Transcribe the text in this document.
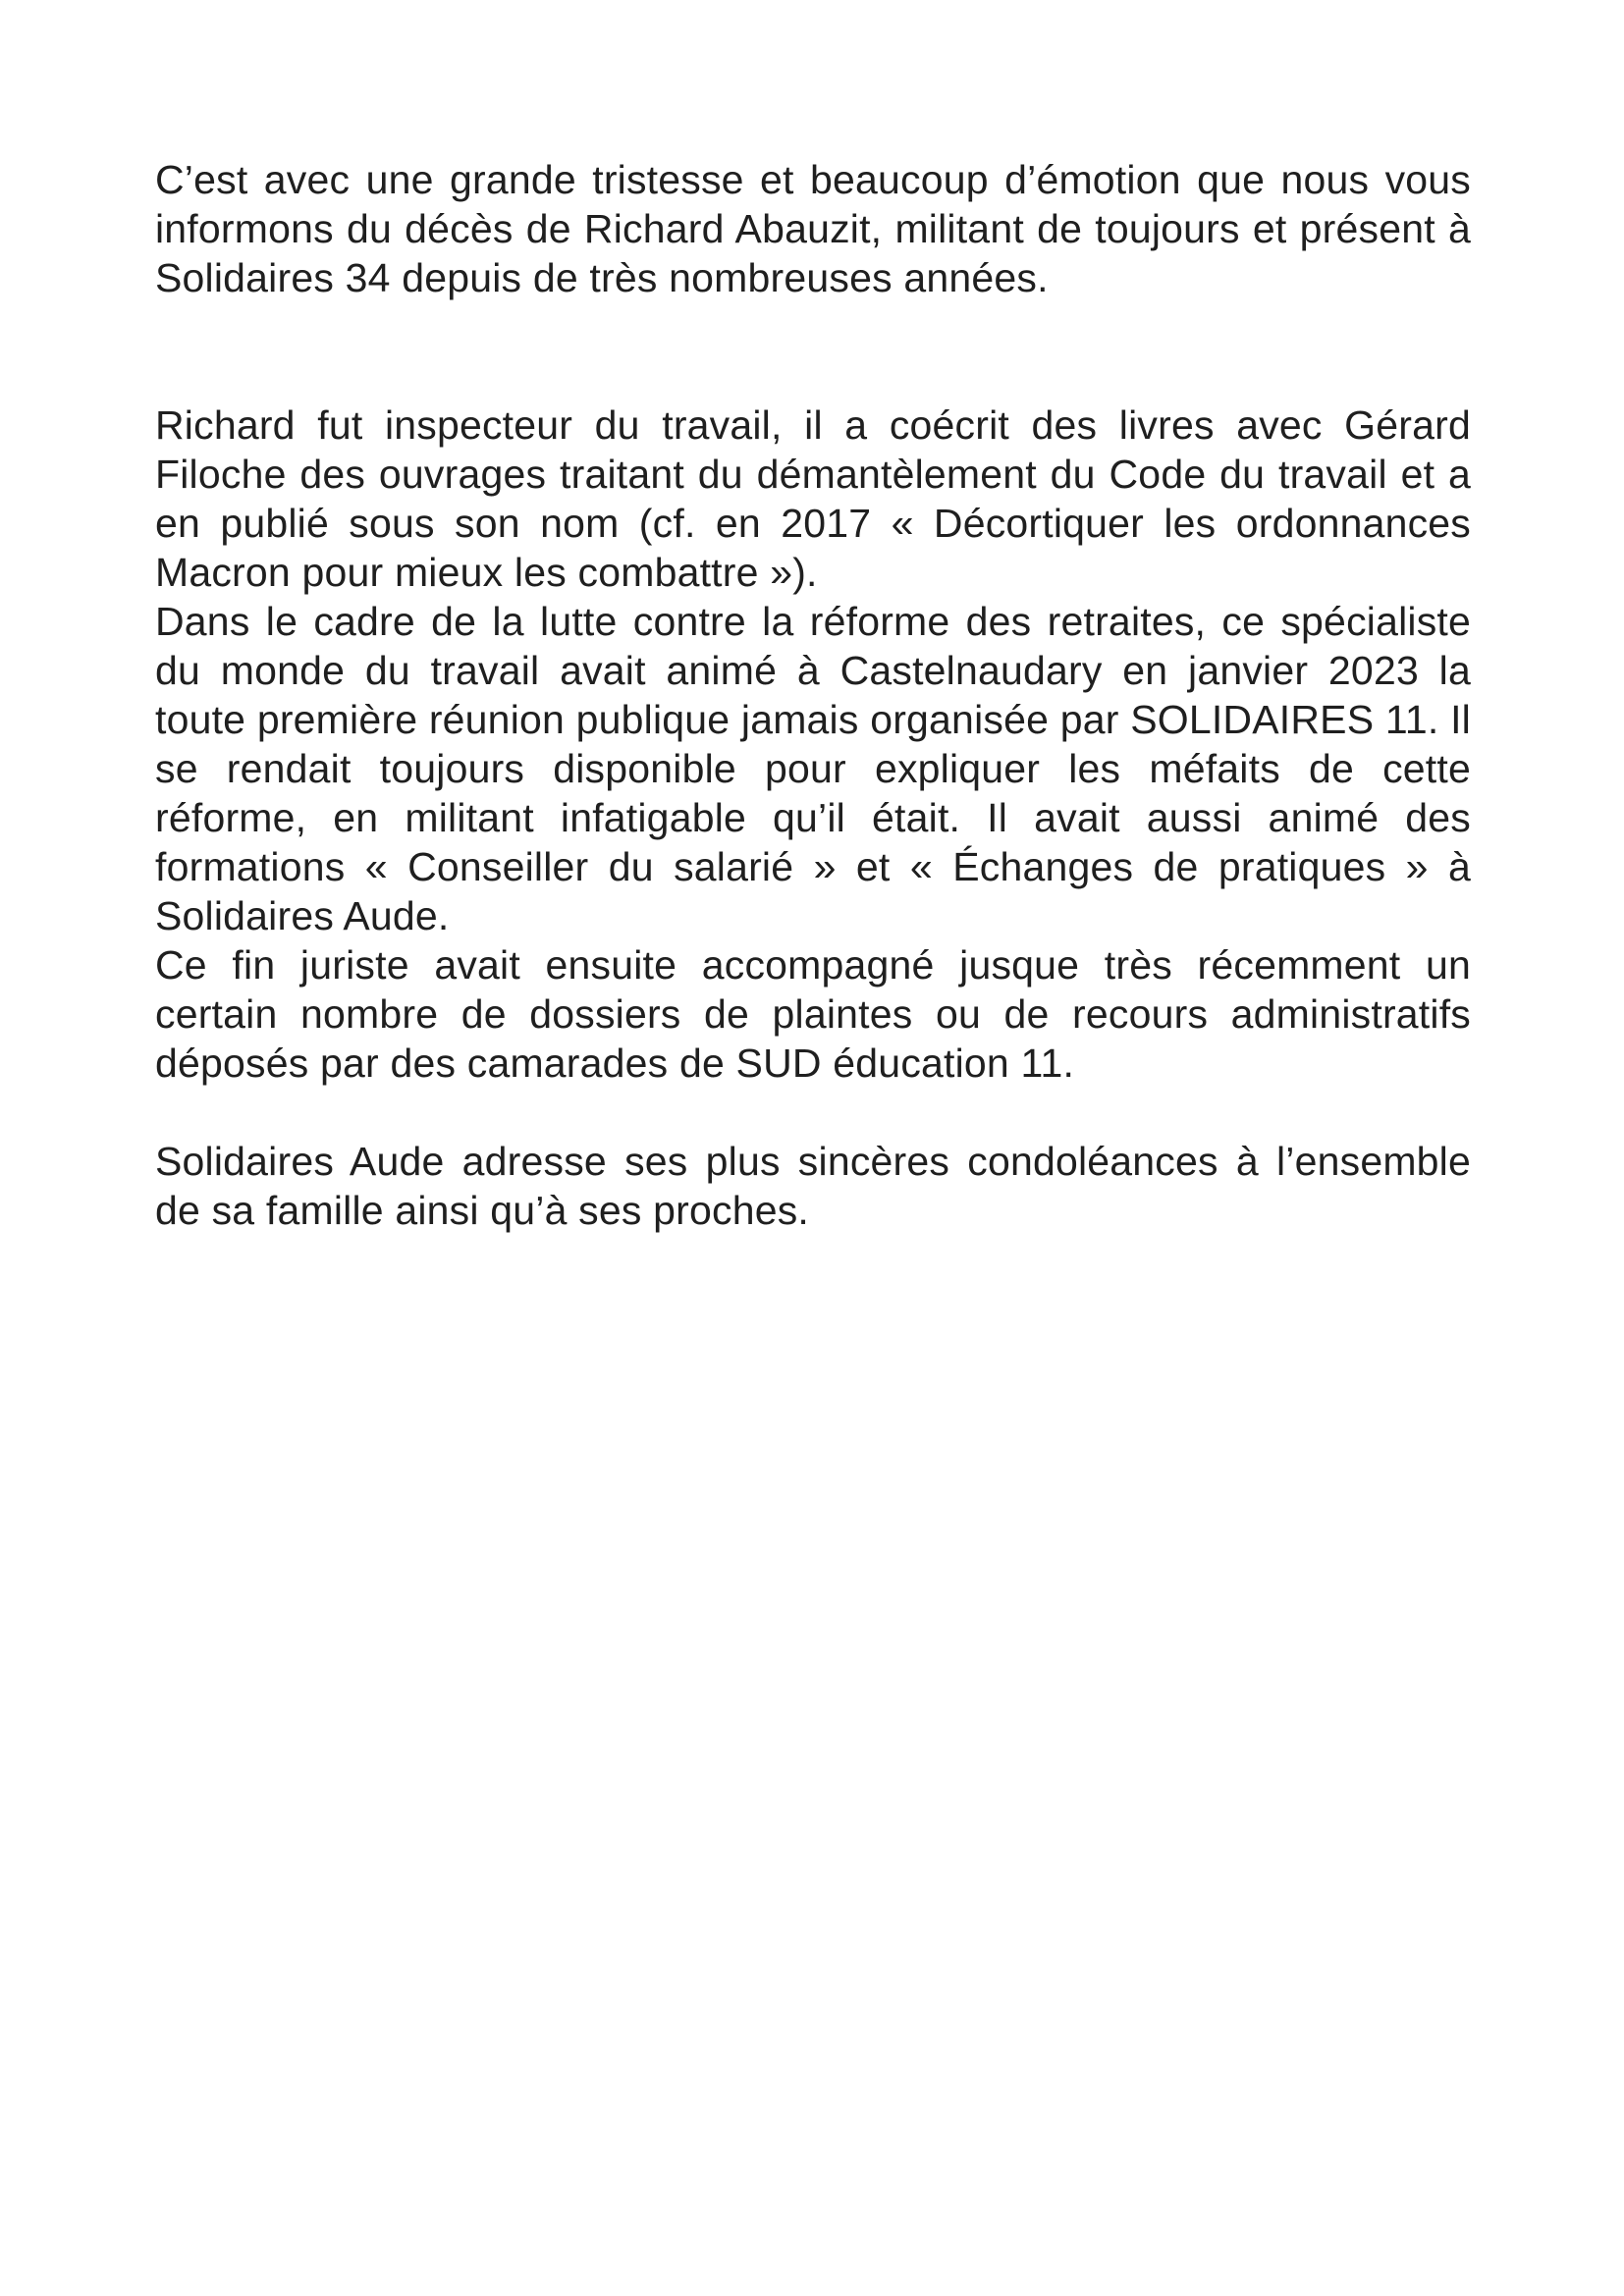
C’est avec une grande tristesse et beaucoup d’émotion que nous vous informons du décès de Richard Abauzit, militant de toujours et présent à Solidaires 34 depuis de très nombreuses années.

Richard fut inspecteur du travail, il a coécrit des livres avec Gérard Filoche des ouvrages traitant du démantèlement du Code du travail et a en publié sous son nom (cf. en 2017 « Décortiquer les ordonnances Macron pour mieux les combattre »).

Dans le cadre de la lutte contre la réforme des retraites, ce spécialiste du monde du travail avait animé à Castelnaudary en janvier 2023 la toute première réunion publique jamais organisée par SOLIDAIRES 11. Il se rendait toujours disponible pour expliquer les méfaits de cette réforme, en militant infatigable qu’il était. Il avait aussi animé des formations « Conseiller du salarié » et « Échanges de pratiques » à Solidaires Aude.

Ce fin juriste avait ensuite accompagné jusque très récemment un certain nombre de dossiers de plaintes ou de recours administratifs déposés par des camarades de SUD éducation 11.

Solidaires Aude adresse ses plus sincères condoléances à l’ensemble de sa famille ainsi qu’à ses proches.
